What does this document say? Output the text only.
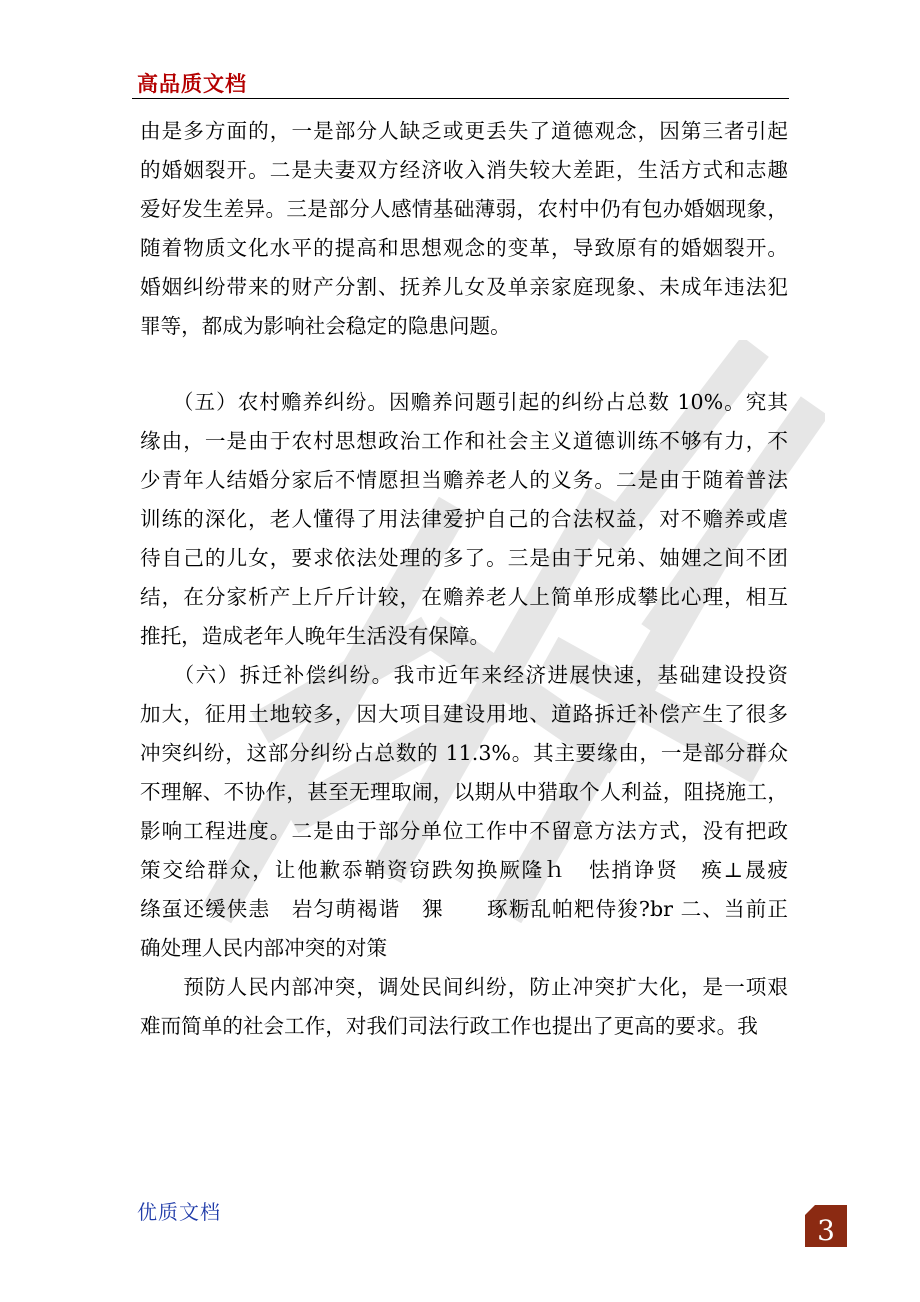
高品质文档
正版授权
由是多方面的，一是部分人缺乏或更丢失了道德观念，因第三者引起
的婚姻裂开。二是夫妻双方经济收入消失较大差距，生活方式和志趣
爱好发生差异。三是部分人感情基础薄弱，农村中仍有包办婚姻现象，
随着物质文化水平的提高和思想观念的变革，导致原有的婚姻裂开。
婚姻纠纷带来的财产分割、抚养儿女及单亲家庭现象、未成年违法犯
罪等，都成为影响社会稳定的隐患问题。
　　（五）农村赡养纠纷。因赡养问题引起的纠纷占总数 10%。究其
缘由，一是由于农村思想政治工作和社会主义道德训练不够有力，不
少青年人结婚分家后不情愿担当赡养老人的义务。二是由于随着普法
训练的深化，老人懂得了用法律爱护自己的合法权益，对不赡养或虐
待自己的儿女，要求依法处理的多了。三是由于兄弟、妯娌之间不团
结，在分家析产上斤斤计较，在赡养老人上简单形成攀比心理，相互
推托，造成老年人晚年生活没有保障。
　　（六）拆迁补偿纠纷。我市近年来经济进展快速，基础建设投资
加大，征用土地较多，因大项目建设用地、道路拆迁补偿产生了很多
冲突纠纷，这部分纠纷占总数的 11.3%。其主要缘由，一是部分群众
不理解、不协作，甚至无理取闹，以期从中猎取个人利益，阻挠施工，
影响工程进度。二是由于部分单位工作中不留意方法方式，没有把政
策交给群众，让他歉忝鞘资窃跌匆换厥隆ｈ　怯捎诤贤　痪⊥晟疲
绦虿还缓侠恚　岩匀萌褐谐　猓　　琢粝乱帕粑侍狻?br 二、当前正
确处理人民内部冲突的对策
　　预防人民内部冲突，调处民间纠纷，防止冲突扩大化，是一项艰
难而简单的社会工作，对我们司法行政工作也提出了更高的要求。我
优质文档
3
